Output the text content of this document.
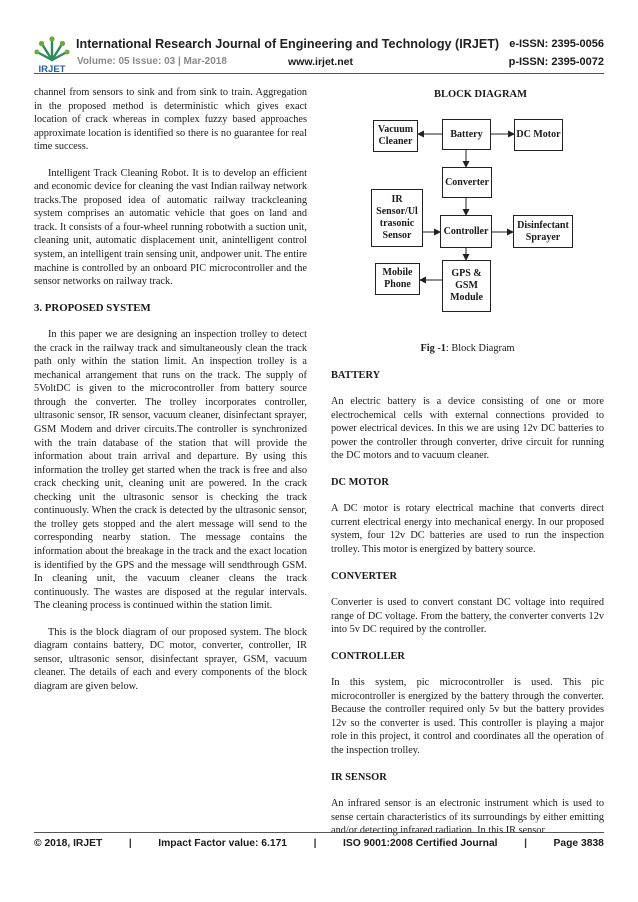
IRJET
International Research Journal of Engineering and Technology (IRJET) e-ISSN: 2395-0056
Volume: 05 Issue: 03 | Mar-2018	www.irjet.net	p-ISSN: 2395-0072

channel from sensors to sink and from sink to train. Aggregation in the proposed method is deterministic which gives exact location of crack whereas in complex fuzzy based approaches approximate location is identified so there is no guarantee for real time success.

Intelligent Track Cleaning Robot. It is to develop an efficient and economic device for cleaning the vast Indian railway network tracks.The proposed idea of automatic railway trackcleaning system comprises an automatic vehicle that goes on land and track. It consists of a four-wheel running robotwith a suction unit, cleaning unit, automatic displacement unit, anintelligent control system, an intelligent train sensing unit, andpower unit. The entire machine is controlled by an onboard PIC microcontroller and the sensor networks on railway track.

3. PROPOSED SYSTEM

In this paper we are designing an inspection trolley to detect the crack in the railway track and simultaneously clean the track path only within the station limit. An inspection trolley is a mechanical arrangement that runs on the track. The supply of 5VoltDC is given to the microcontroller from battery source through the converter. The trolley incorporates controller, ultrasonic sensor, IR sensor, vacuum cleaner, disinfectant sprayer, GSM Modem and driver circuits.The controller is synchronized with the train database of the station that will provide the information about train arrival and departure. By using this information the trolley get started when the track is free and also crack checking unit, cleaning unit are powered. In the crack checking unit the ultrasonic sensor is checking the track continuously. When the crack is detected by the ultrasonic sensor, the trolley gets stopped and the alert message will send to the corresponding nearby station. The message contains the information about the breakage in the track and the exact location is identified by the GPS and the message will sendthrough GSM. In cleaning unit, the vacuum cleaner cleans the track continuously. The wastes are disposed at the regular intervals. The cleaning process is continued within the station limit.

This is the block diagram of our proposed system. The block diagram contains battery, DC motor, converter, controller, IR sensor, ultrasonic sensor, disinfectant sprayer, GSM, vacuum cleaner. The details of each and every components of the block diagram are given below.

BLOCK DIAGRAM
Vacuum Cleaner
Battery	DC Motor
Converter
IR Sensor/Ul trasonic Sensor	Controller
Disinfectant Sprayer
Mobile Phone
GPS & GSM Module

Fig -1: Block Diagram

BATTERY

An electric battery is a device consisting of one or more electrochemical cells with external connections provided to power electrical devices. In this we are using 12v DC batteries to power the controller through converter, drive circuit for running the DC motors and to vacuum cleaner.

DC MOTOR

A DC motor is rotary electrical machine that converts direct current electrical energy into mechanical energy. In our proposed system, four 12v DC batteries are used to run the inspection trolley. This motor is energized by battery source.

CONVERTER

Converter is used to convert constant DC voltage into required range of DC voltage. From the battery, the converter converts 12v into 5v DC required by the controller.

CONTROLLER

In this system, pic microcontroller is used. This pic microcontroller is energized by the battery through the converter. Because the controller required only 5v but the battery provides 12v so the converter is used. This controller is playing a major role in this project, it control and coordinates all the operation of the inspection trolley.

IR SENSOR

An infrared sensor is an electronic instrument which is used to sense certain characteristics of its surroundings by either emitting and/or detecting infrared radiation. In this IR sensor

© 2018, IRJET	|	Impact Factor value: 6.171	|	ISO 9001:2008 Certified Journal	|	Page 3838
